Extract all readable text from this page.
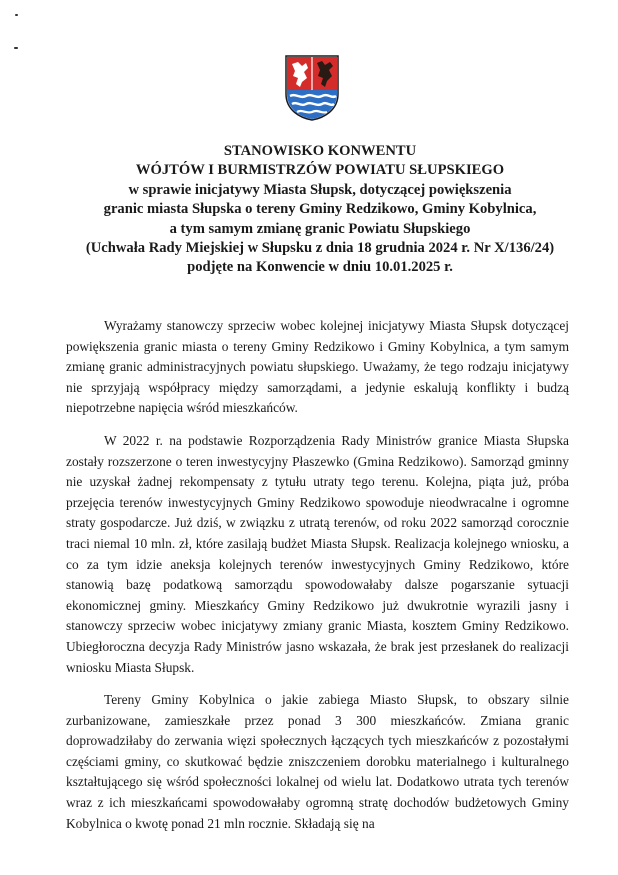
STANOWISKO KONWENTU
WÓJTÓW I BURMISTRZÓW POWIATU SŁUPSKIEGO
w sprawie inicjatywy Miasta Słupsk, dotyczącej powiększenia
granic miasta Słupska o tereny Gminy Redzikowo, Gminy Kobylnica,
a tym samym zmianę granic Powiatu Słupskiego
(Uchwała Rady Miejskiej w Słupsku z dnia 18 grudnia 2024 r. Nr X/136/24)
podjęte na Konwencie w dniu 10.01.2025 r.

Wyrażamy stanowczy sprzeciw wobec kolejnej inicjatywy Miasta Słupsk dotyczącej powiększenia granic miasta o tereny Gminy Redzikowo i Gminy Kobylnica, a tym samym zmianę granic administracyjnych powiatu słupskiego. Uważamy, że tego rodzaju inicjatywy nie sprzyjają współpracy między samorządami, a jedynie eskalują konflikty i budzą niepotrzebne napięcia wśród mieszkańców.

W 2022 r. na podstawie Rozporządzenia Rady Ministrów granice Miasta Słupska zostały rozszerzone o teren inwestycyjny Płaszewko (Gmina Redzikowo). Samorząd gminny nie uzyskał żadnej rekompensaty z tytułu utraty tego terenu. Kolejna, piąta już, próba przejęcia terenów inwestycyjnych Gminy Redzikowo spowoduje nieodwracalne i ogromne straty gospodarcze. Już dziś, w związku z utratą terenów, od roku 2022 samorząd corocznie traci niemal 10 mln. zł, które zasilają budżet Miasta Słupsk. Realizacja kolejnego wniosku, a co za tym idzie aneksja kolejnych terenów inwestycyjnych Gminy Redzikowo, które stanowią bazę podatkową samorządu spowodowałaby dalsze pogarszanie sytuacji ekonomicznej gminy. Mieszkańcy Gminy Redzikowo już dwukrotnie wyrazili jasny i stanowczy sprzeciw wobec inicjatywy zmiany granic Miasta, kosztem Gminy Redzikowo. Ubiegłoroczna decyzja Rady Ministrów jasno wskazała, że brak jest przesłanek do realizacji wniosku Miasta Słupsk.

Tereny Gminy Kobylnica o jakie zabiega Miasto Słupsk, to obszary silnie zurbanizowane, zamieszkałe przez ponad 3 300 mieszkańców. Zmiana granic doprowadziłaby do zerwania więzi społecznych łączących tych mieszkańców z pozostałymi częściami gminy, co skutkować będzie zniszczeniem dorobku materialnego i kulturalnego kształtującego się wśród społeczności lokalnej od wielu lat. Dodatkowo utrata tych terenów wraz z ich mieszkańcami spowodowałaby ogromną stratę dochodów budżetowych Gminy Kobylnica o kwotę ponad 21 mln rocznie. Składają się na
